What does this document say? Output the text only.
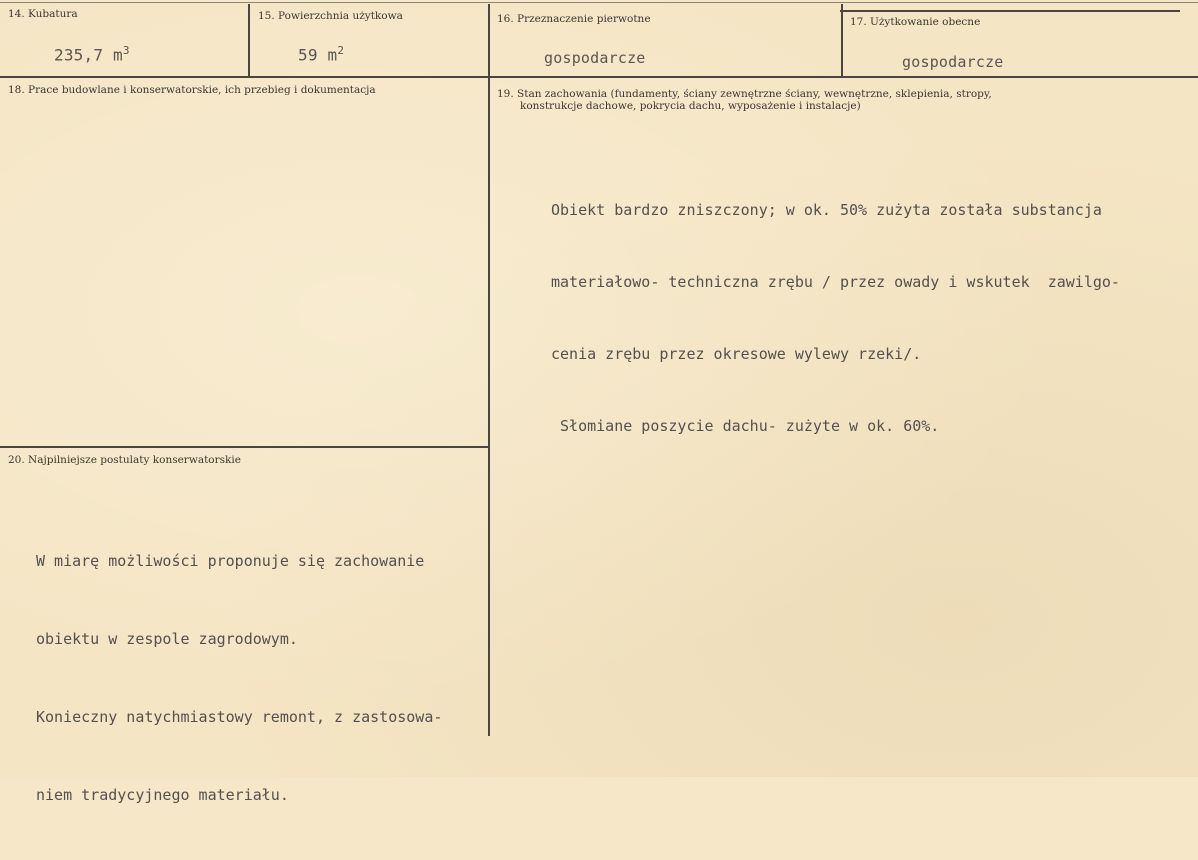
14. Kubatura
235,7 $m^3$
15. Powierzchnia użytkowa
59 $m^2$
16. Przeznaczenie pierwotne
gospodarcze
17. Użytkowanie obecne
gospodarcze
18. Prace budowlane i konserwatorskie, ich przebieg i dokumentacja	19. Stan zachowania (fundamenty, ściany zewnętrzne ściany, wewnętrzne, sklepienia, stropy,
konstrukcje dachowe, pokrycia dachu, wyposażenie i instalacje)

Obiekt bardzo zniszczony; w ok. 50% zużyta została substancja

materiałowo- techniczna zrębu / przez owady i wskutek  zawilgo-

cenia zrębu przez okresowe wylewy rzeki/.

Słomiane poszycie dachu- zużyte w ok. 60%.

20. Najpilniejsze postulaty konserwatorskie

W miarę możliwości proponuje się zachowanie

obiektu w zespole zagrodowym.

Konieczny natychmiastowy remont, z zastosowa-

niem tradycyjnego materiału.
